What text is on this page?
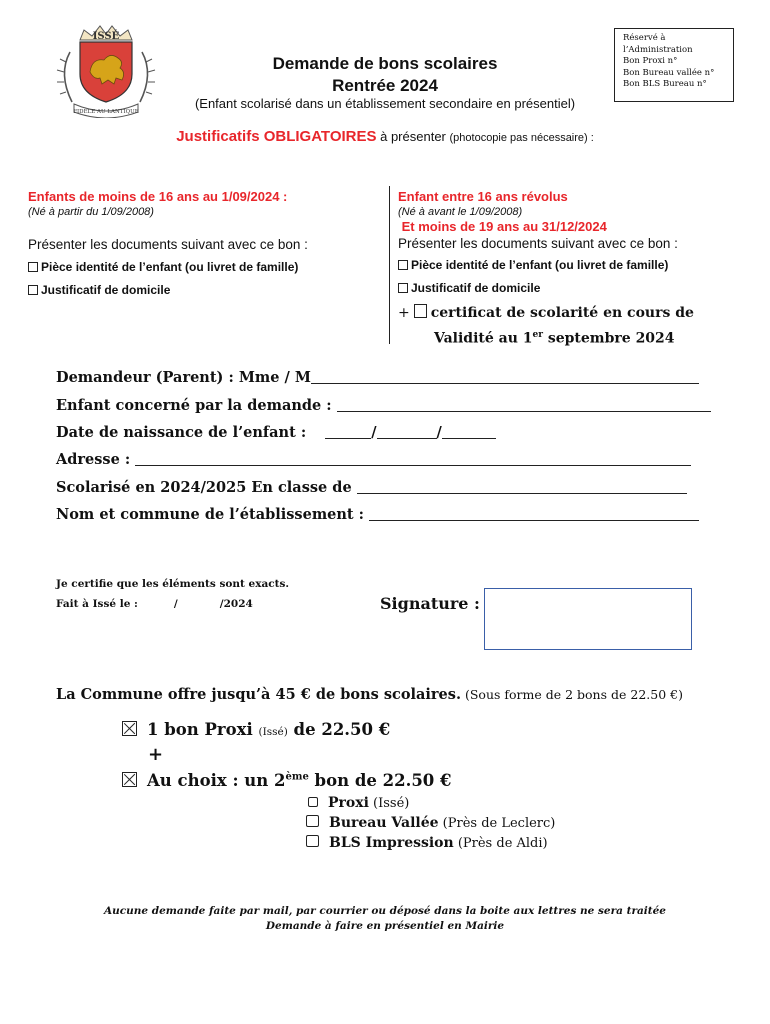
ISSÉ
FIDÈLE AU LANTIQUE
Demande de bons scolaires
Rentrée 2024
(Enfant scolarisé dans un établissement secondaire en présentiel)
Réservé à
l’Administration
Bon Proxi n°
Bon Bureau vallée n°
Bon BLS Bureau n°
Justificatifs OBLIGATOIRES à présenter (photocopie pas nécessaire) :
Enfants de moins de 16 ans au 1/09/2024 :
(Né à partir du 1/09/2008)
Présenter les documents suivant avec ce bon :
Pièce identité de l’enfant (ou livret de famille)
Justificatif de domicile
Enfant entre 16 ans révolus
(Né à avant le 1/09/2008)
Et moins de 19 ans au 31/12/2024
Présenter les documents suivant avec ce bon :
Pièce identité de l’enfant (ou livret de famille)
Justificatif de domicile
+ certificat de scolarité en cours de
Validité au 1er septembre 2024
Demandeur (Parent) : Mme / M
Enfant concerné par la demande :
Date de naissance de l’enfant :	/	/
Adresse :
Scolarisé en 2024/2025 En classe de
Nom et commune de l’établissement :
Je certifie que les éléments sont exacts.
Fait à Issé le :	/	/2024	Signature :
La Commune offre jusqu’à 45 € de bons scolaires. (Sous forme de 2 bons de 22.50 €)
1 bon Proxi (Issé) de 22.50 €
+
Au choix : un 2ème bon de 22.50 €
Proxi (Issé)
Bureau Vallée (Près de Leclerc)
BLS Impression (Près de Aldi)
Aucune demande faite par mail, par courrier ou déposé dans la boite aux lettres ne sera traitée
Demande à faire en présentiel en Mairie
